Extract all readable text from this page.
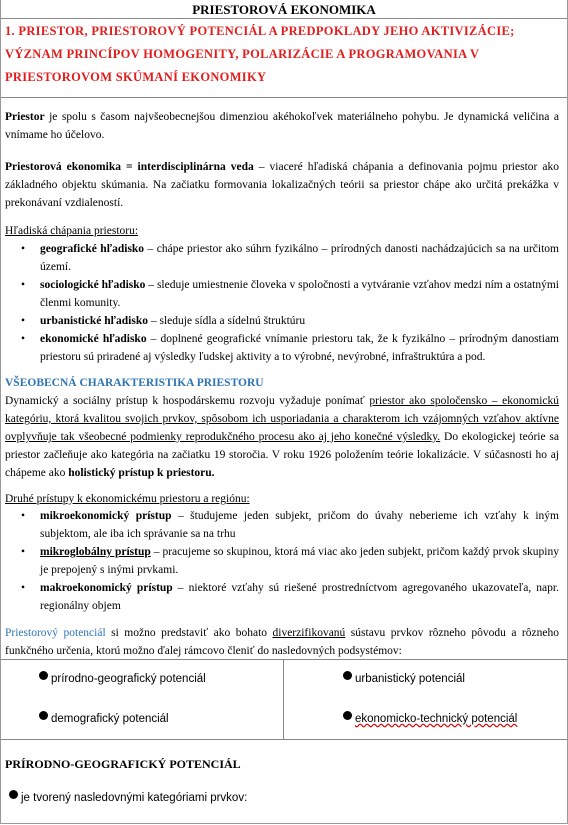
PRIESTOROVÁ EKONOMIKA
1. PRIESTOR, PRIESTOROVÝ POTENCIÁL A PREDPOKLADY JEHO AKTIVIZÁCIE;
VÝZNAM PRINCÍPOV HOMOGENITY, POLARIZÁCIE A PROGRAMOVANIA V
PRIESTOROVOM SKÚMANÍ EKONOMIKY
Priestor je spolu s časom najvšeobecnejšou dimenziou akéhokoľvek materiálneho pohybu. Je dynamická veličina a vnímame ho účelovo.
Priestorová ekonomika = interdisciplinárna veda – viaceré hľadiská chápania a definovania pojmu priestor ako základného objektu skúmania. Na začiatku formovania lokalizačných teórii sa priestor chápe ako určitá prekážka v prekonávaní vzdialeností.
Hľadiská chápania priestoru:
• geografické hľadisko – chápe priestor ako súhrn fyzikálno – prírodných danosti nachádzajúcich sa na určitom území.
• sociologické hľadisko – sleduje umiestnenie človeka v spoločnosti a vytváranie vzťahov medzi ním a ostatnými členmi komunity.
• urbanistické hľadisko – sleduje sídla a sídelnú štruktúru
• ekonomické hľadisko – doplnené geografické vnímanie priestoru tak, že k fyzikálno – prírodným danostiam priestoru sú priradené aj výsledky ľudskej aktivity a to výrobné, nevýrobné, infraštruktúra a pod.
VŠEOBECNÁ CHARAKTERISTIKA PRIESTORU
Dynamický a sociálny prístup k hospodárskemu rozvoju vyžaduje ponímať priestor ako spoločensko – ekonomickú kategóriu, ktorá kvalitou svojich prvkov, spôsobom ich usporiadania a charakterom ich vzájomných vzťahov aktívne ovplyvňuje tak všeobecné podmienky reprodukčného procesu ako aj jeho konečné výsledky. Do ekologickej teórie sa priestor začleňuje ako kategória na začiatku 19 storočia. V roku 1926 položením teórie lokalizácie. V súčasnosti ho aj chápeme ako holistický prístup k priestoru.
Druhé prístupy k ekonomickému priestoru a regiónu:
• mikroekonomický prístup – študujeme jeden subjekt, pričom do úvahy neberieme ich vzťahy k iným subjektom, ale iba ich správanie sa na trhu
• mikroglobálny prístup – pracujeme so skupinou, ktorá má viac ako jeden subjekt, pričom každý prvok skupiny je prepojený s inými prvkami.
• makroekonomický prístup – niektoré vzťahy sú riešené prostredníctvom agregovaného ukazovateľa, napr. regionálny objem
Priestorový potenciál si možno predstaviť ako bohato diverzifikovanú sústavu prvkov rôzneho pôvodu a rôzneho funkčného určenia, ktorú možno ďalej rámcovo členiť do nasledovných podsystémov:
prírodno-geografický potenciál	urbanistický potenciál
demografický potenciál	ekonomicko-technický potenciál
PRÍRODNO-GEOGRAFICKÝ POTENCIÁL
je tvorený nasledovnými kategóriami prvkov:
